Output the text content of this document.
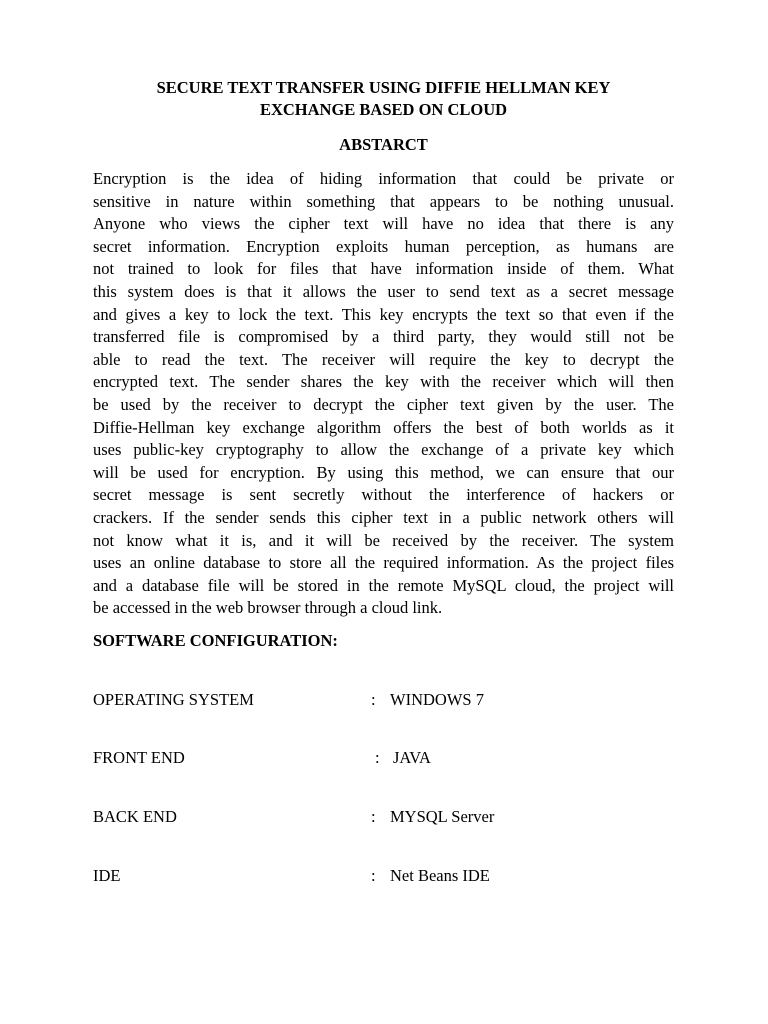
SECURE TEXT TRANSFER USING DIFFIE HELLMAN KEY
EXCHANGE BASED ON CLOUD
ABSTARCT
Encryption is the idea of hiding information that could be private or
sensitive in nature within something that appears to be nothing unusual.
Anyone who views the cipher text will have no idea that there is any
secret information. Encryption exploits human perception, as humans are
not trained to look for files that have information inside of them. What
this system does is that it allows the user to send text as a secret message
and gives a key to lock the text. This key encrypts the text so that even if the
transferred file is compromised by a third party, they would still not be
able to read the text. The receiver will require the key to decrypt the
encrypted text. The sender shares the key with the receiver which will then
be used by the receiver to decrypt the cipher text given by the user. The
Diffie-Hellman key exchange algorithm offers the best of both worlds as it
uses public-key cryptography to allow the exchange of a private key which
will be used for encryption. By using this method, we can ensure that our
secret message is sent secretly without the interference of hackers or
crackers. If the sender sends this cipher text in a public network others will
not know what it is, and it will be received by the receiver. The system
uses an online database to store all the required information. As the project files
and a database file will be stored in the remote MySQL cloud, the project will
be accessed in the web browser through a cloud link.
SOFTWARE CONFIGURATION:
OPERATING SYSTEM	: WINDOWS 7
FRONT END	: JAVA
BACK END	: MYSQL Server
IDE	: Net Beans IDE
